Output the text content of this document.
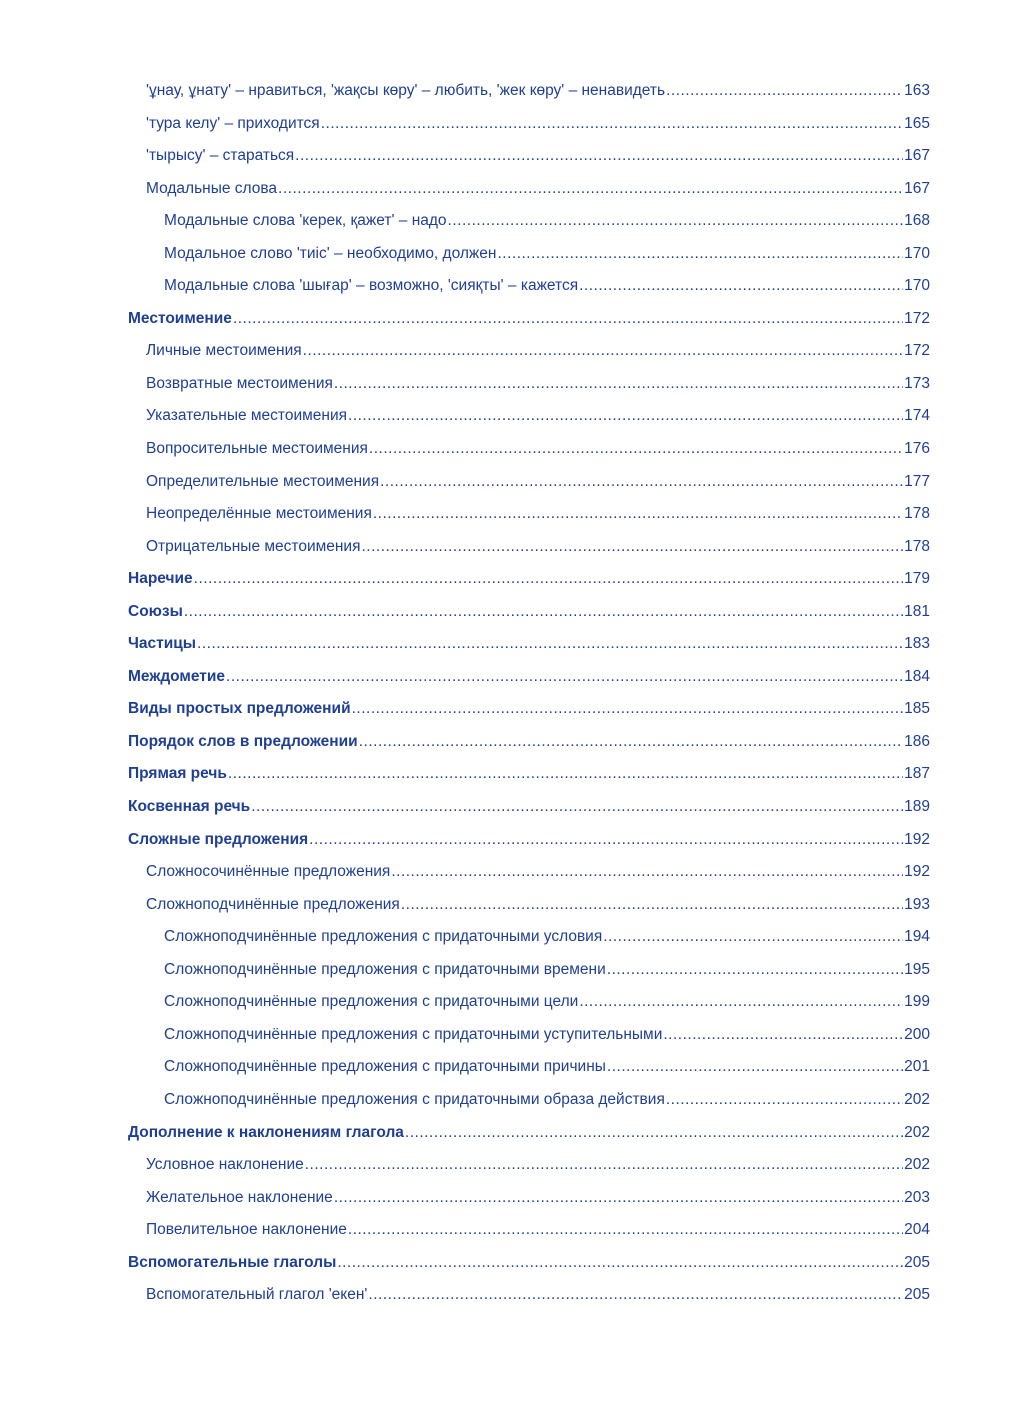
'ұнау, ұнату' – нравиться, 'жақсы көру' – любить, 'жек көру' – ненавидеть .....	163
'тура келу' – приходится .....	165
'тырысу' – стараться .....	167
Модальные слова .....	167
Модальные слова 'керек, қажет' – надо .....	168
Модальное слово 'тиіс' – необходимо, должен .....	170
Модальные слова 'шығар' – возможно, 'сияқты' – кажется .....	170
Местоимение .....	172
Личные местоимения .....	172
Возвратные местоимения .....	173
Указательные местоимения .....	174
Вопросительные местоимения .....	176
Определительные местоимения .....	177
Неопределённые местоимения .....	178
Отрицательные местоимения .....	178
Наречие .....	179
Союзы .....	181
Частицы .....	183
Междометие .....	184
Виды простых предложений .....	185
Порядок слов в предложении .....	186
Прямая речь .....	187
Косвенная речь .....	189
Сложные предложения .....	192
Сложносочинённые предложения .....	192
Сложноподчинённые предложения .....	193
Сложноподчинённые предложения с придаточными условия .....	194
Сложноподчинённые предложения с придаточными времени .....	195
Сложноподчинённые предложения с придаточными цели .....	199
Сложноподчинённые предложения с придаточными уступительными .....	200
Сложноподчинённые предложения с придаточными причины .....	201
Сложноподчинённые предложения с придаточными образа действия .....	202
Дополнение к наклонениям глагола .....	202
Условное наклонение .....	202
Желательное наклонение .....	203
Повелительное наклонение .....	204
Вспомогательные глаголы .....	205
Вспомогательный глагол 'екен' .....	205
